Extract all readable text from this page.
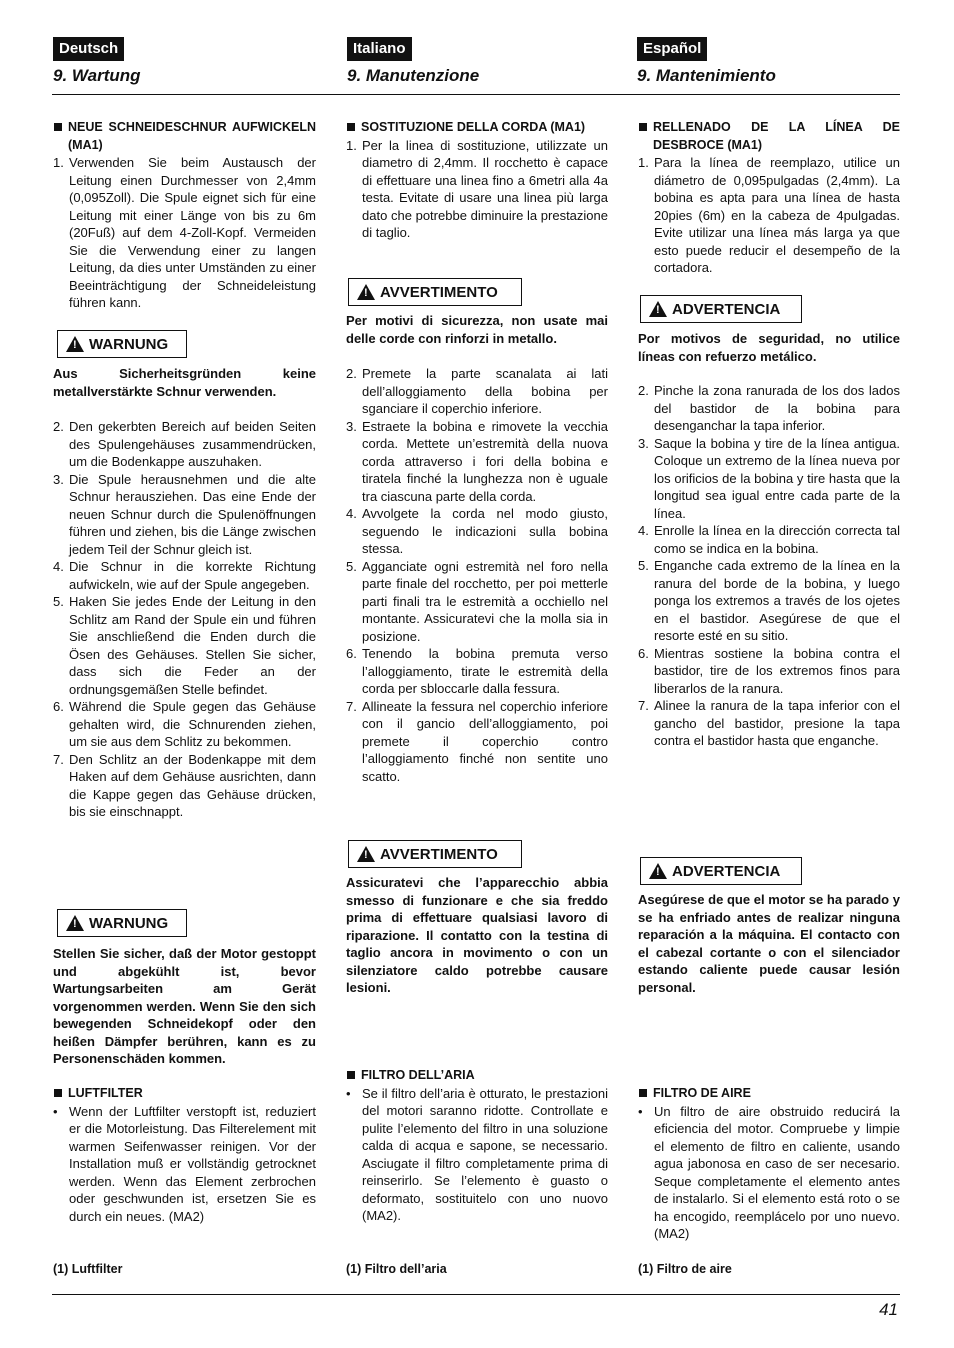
Deutsch
9. Wartung
NEUE SCHNEIDESCHNUR AUFWICKELN (MA1)
1. Verwenden Sie beim Austausch der Leitung einen Durchmesser von 2,4mm (0,095Zoll). Die Spule eignet sich für eine Leitung mit einer Länge von bis zu 6m (20Fuß) auf dem 4-Zoll-Kopf. Vermeiden Sie die Verwendung einer zu langen Leitung, da dies unter Umständen zu einer Beeinträchtigung der Schneideleistung führen kann.
! WARNUNG
Aus Sicherheitsgründen keine metallverstärkte Schnur verwenden.
2. Den gekerbten Bereich auf beiden Seiten des Spulengehäuses zusammendrücken, um die Bodenkappe auszuhaken.
3. Die Spule herausnehmen und die alte Schnur herausziehen. Das eine Ende der neuen Schnur durch die Spulenöffnungen führen und ziehen, bis die Länge zwischen jedem Teil der Schnur gleich ist.
4. Die Schnur in die korrekte Richtung aufwickeln, wie auf der Spule angegeben.
5. Haken Sie jedes Ende der Leitung in den Schlitz am Rand der Spule ein und führen Sie anschließend die Enden durch die Ösen des Gehäuses. Stellen Sie sicher, dass sich die Feder an der ordnungsgemäßen Stelle befindet.
6. Während die Spule gegen das Gehäuse gehalten wird, die Schnurenden ziehen, um sie aus dem Schlitz zu bekommen.
7. Den Schlitz an der Bodenkappe mit dem Haken auf dem Gehäuse ausrichten, dann die Kappe gegen das Gehäuse drücken, bis sie einschnappt.
! WARNUNG
Stellen Sie sicher, daß der Motor gestoppt und abgekühlt ist, bevor Wartungsarbeiten am Gerät vorgenommen werden. Wenn Sie den sich bewegenden Schneidekopf oder den heißen Dämpfer berühren, kann es zu Personenschäden kommen.
LUFTFILTER
• Wenn der Luftfilter verstopft ist, reduziert er die Motorleistung. Das Filterelement mit warmen Seifenwasser reinigen. Vor der Installation muß er vollständig getrocknet werden. Wenn das Element zerbrochen oder geschwunden ist, ersetzen Sie es durch ein neues. (MA2)
(1) Luftfilter
Italiano
9. Manutenzione
SOSTITUZIONE DELLA CORDA (MA1)
1. Per la linea di sostituzione, utilizzate un diametro di 2,4mm. Il rocchetto è capace di effettuare una linea fino a 6metri alla 4a testa. Evitate di usare una linea più larga dato che potrebbe diminuire la prestazione di taglio.
! AVVERTIMENTO
Per motivi di sicurezza, non usate mai delle corde con rinforzi in metallo.
2. Premete la parte scanalata ai lati dell’alloggiamento della bobina per sganciare il coperchio inferiore.
3. Estraete la bobina e rimovete la vecchia corda. Mettete un’estremità della nuova corda attraverso i fori della bobina e tiratela finché la lunghezza non è uguale tra ciascuna parte della corda.
4. Avvolgete la corda nel modo giusto, seguendo le indicazioni sulla bobina stessa.
5. Agganciate ogni estremità nel foro nella parte finale del rocchetto, per poi metterle parti finali tra le estremità a occhiello nel montante. Assicuratevi che la molla sia in posizione.
6. Tenendo la bobina premuta verso l’alloggiamento, tirate le estremità della corda per sbloccarle dalla fessura.
7. Allineate la fessura nel coperchio inferiore con il gancio dell’alloggiamento, poi premete il coperchio contro l’alloggiamento finché non sentite uno scatto.
! AVVERTIMENTO
Assicuratevi che l’apparecchio abbia smesso di funzionare e che sia freddo prima di effettuare qualsiasi lavoro di riparazione. Il contatto con la testina di taglio ancora in movimento o con un silenziatore caldo potrebbe causare lesioni.
FILTRO DELL’ARIA
• Se il filtro dell’aria è otturato, le prestazioni del motori saranno ridotte. Controllate e pulite l’elemento del filtro in una soluzione calda di acqua e sapone, se necessario. Asciugate il filtro completamente prima di reinserirlo. Se l’elemento è guasto o deformato, sostituitelo con uno nuovo (MA2).
(1) Filtro dell’aria
Español
9. Mantenimiento
RELLENADO DE LA LÍNEA DE DESBROCE (MA1)
1. Para la línea de reemplazo, utilice un diámetro de 0,095pulgadas (2,4mm). La bobina es apta para una línea de hasta 20pies (6m) en la cabeza de 4pulgadas. Evite utilizar una línea más larga ya que esto puede reducir el desempeño de la cortadora.
! ADVERTENCIA
Por motivos de seguridad, no utilice líneas con refuerzo metálico.
2. Pinche la zona ranurada de los dos lados del bastidor de la bobina para desenganchar la tapa inferior.
3. Saque la bobina y tire de la línea antigua. Coloque un extremo de la línea nueva por los orificios de la bobina y tire hasta que la longitud sea igual entre cada parte de la línea.
4. Enrolle la línea en la dirección correcta tal como se indica en la bobina.
5. Enganche cada extremo de la línea en la ranura del borde de la bobina, y luego ponga los extremos a través de los ojetes en el bastidor. Asegúrese de que el resorte esté en su sitio.
6. Mientras sostiene la bobina contra el bastidor, tire de los extremos finos para liberarlos de la ranura.
7. Alinee la ranura de la tapa inferior con el gancho del bastidor, presione la tapa contra el bastidor hasta que enganche.
! ADVERTENCIA
Asegúrese de que el motor se ha parado y se ha enfriado antes de realizar ninguna reparación a la máquina. El contacto con el cabezal cortante o con el silenciador estando caliente puede causar lesión personal.
FILTRO DE AIRE
• Un filtro de aire obstruido reducirá la eficiencia del motor. Compruebe y limpie el elemento de filtro en caliente, usando agua jabonosa en caso de ser necesario. Seque completamente el elemento antes de instalarlo. Si el elemento está roto o se ha encogido, reemplácelo por uno nuevo. (MA2)
(1) Filtro de aire
41
